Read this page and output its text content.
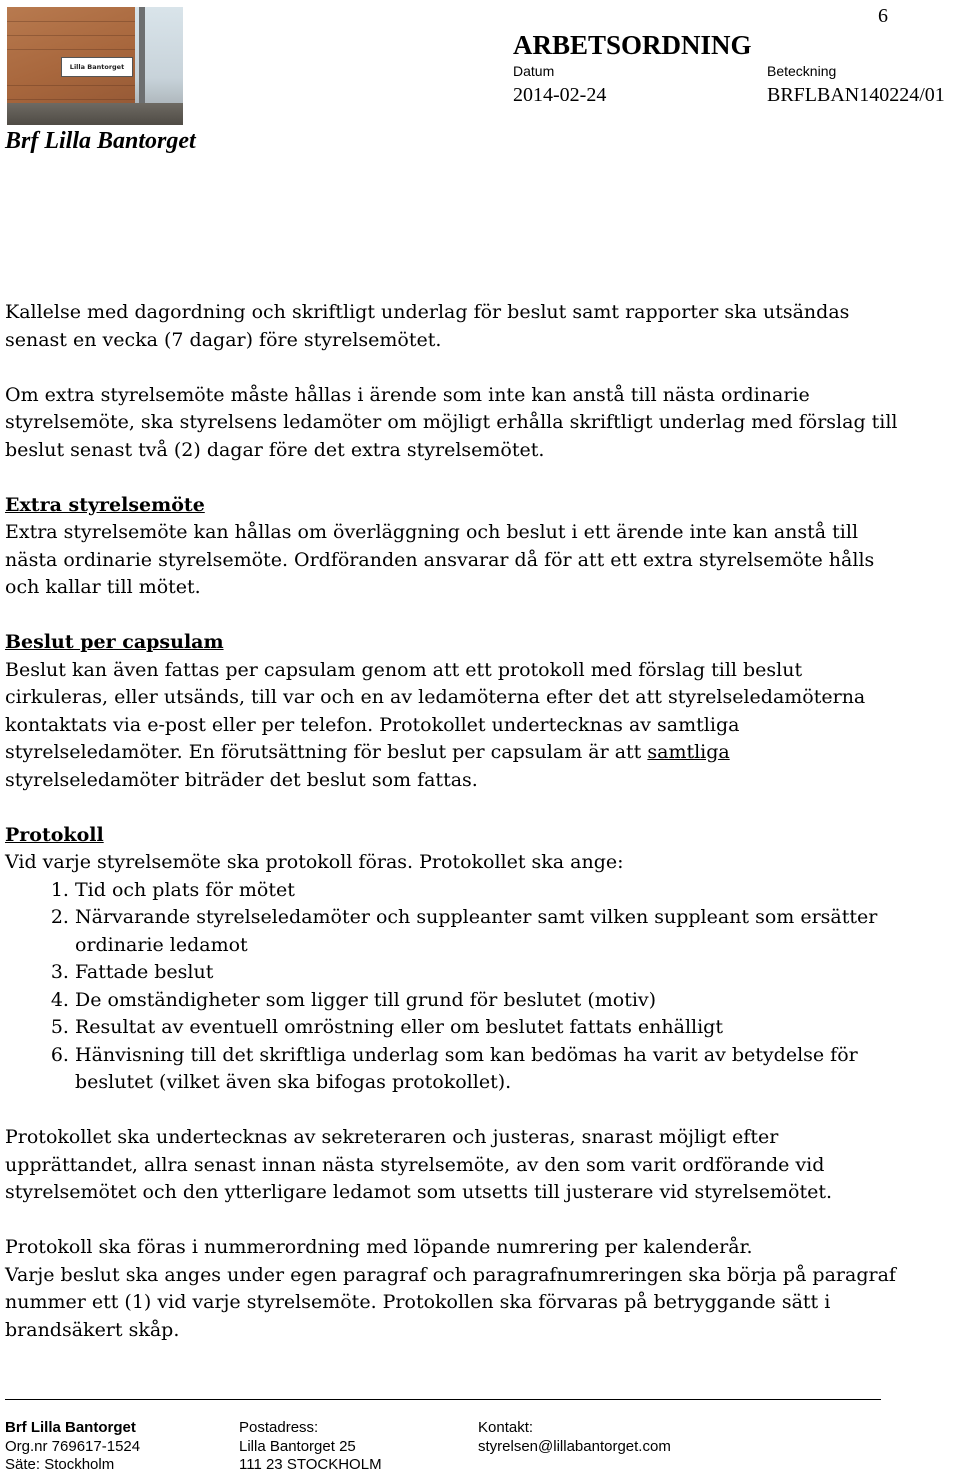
Lilla Bantorget
Brf Lilla Bantorget
6
ARBETSORDNING
Datum	Beteckning
2014-02-24	BRFLBAN140224/01

Kallelse med dagordning och skriftligt underlag för beslut samt rapporter ska utsändas senast en vecka (7 dagar) före styrelsemötet.

Om extra styrelsemöte måste hållas i ärende som inte kan anstå till nästa ordinarie styrelsemöte, ska styrelsens ledamöter om möjligt erhålla skriftligt underlag med förslag till beslut senast två (2) dagar före det extra styrelsemötet.

Extra styrelsemöte

Extra styrelsemöte kan hållas om överläggning och beslut i ett ärende inte kan anstå till nästa ordinarie styrelsemöte. Ordföranden ansvarar då för att ett extra styrelsemöte hålls och kallar till mötet.

Beslut per capsulam

Beslut kan även fattas per capsulam genom att ett protokoll med förslag till beslut cirkuleras, eller utsänds, till var och en av ledamöterna efter det att styrelseledamöterna kontaktats via e-post eller per telefon. Protokollet undertecknas av samtliga styrelseledamöter. En förutsättning för beslut per capsulam är att samtliga styrelseledamöter biträder det beslut som fattas.

Protokoll

Vid varje styrelsemöte ska protokoll föras. Protokollet ska ange:

1. Tid och plats för mötet
2. Närvarande styrelseledamöter och suppleanter samt vilken suppleant som ersätter ordinarie ledamot
3. Fattade beslut
4. De omständigheter som ligger till grund för beslutet (motiv)
5. Resultat av eventuell omröstning eller om beslutet fattats enhälligt
6. Hänvisning till det skriftliga underlag som kan bedömas ha varit av betydelse för beslutet (vilket även ska bifogas protokollet).

Protokollet ska undertecknas av sekreteraren och justeras, snarast möjligt efter upprättandet, allra senast innan nästa styrelsemöte, av den som varit ordförande vid styrelsemötet och den ytterligare ledamot som utsetts till justerare vid styrelsemötet.

Protokoll ska föras i nummerordning med löpande numrering per kalenderår.
Varje beslut ska anges under egen paragraf och paragrafnumreringen ska börja på paragraf nummer ett (1) vid varje styrelsemöte. Protokollen ska förvaras på betryggande sätt i brandsäkert skåp.
Brf Lilla Bantorget
Org.nr 769617-1524
Säte: Stockholm
Postadress:
Lilla Bantorget 25
111 23 STOCKHOLM
Kontakt:
styrelsen@lillabantorget.com
